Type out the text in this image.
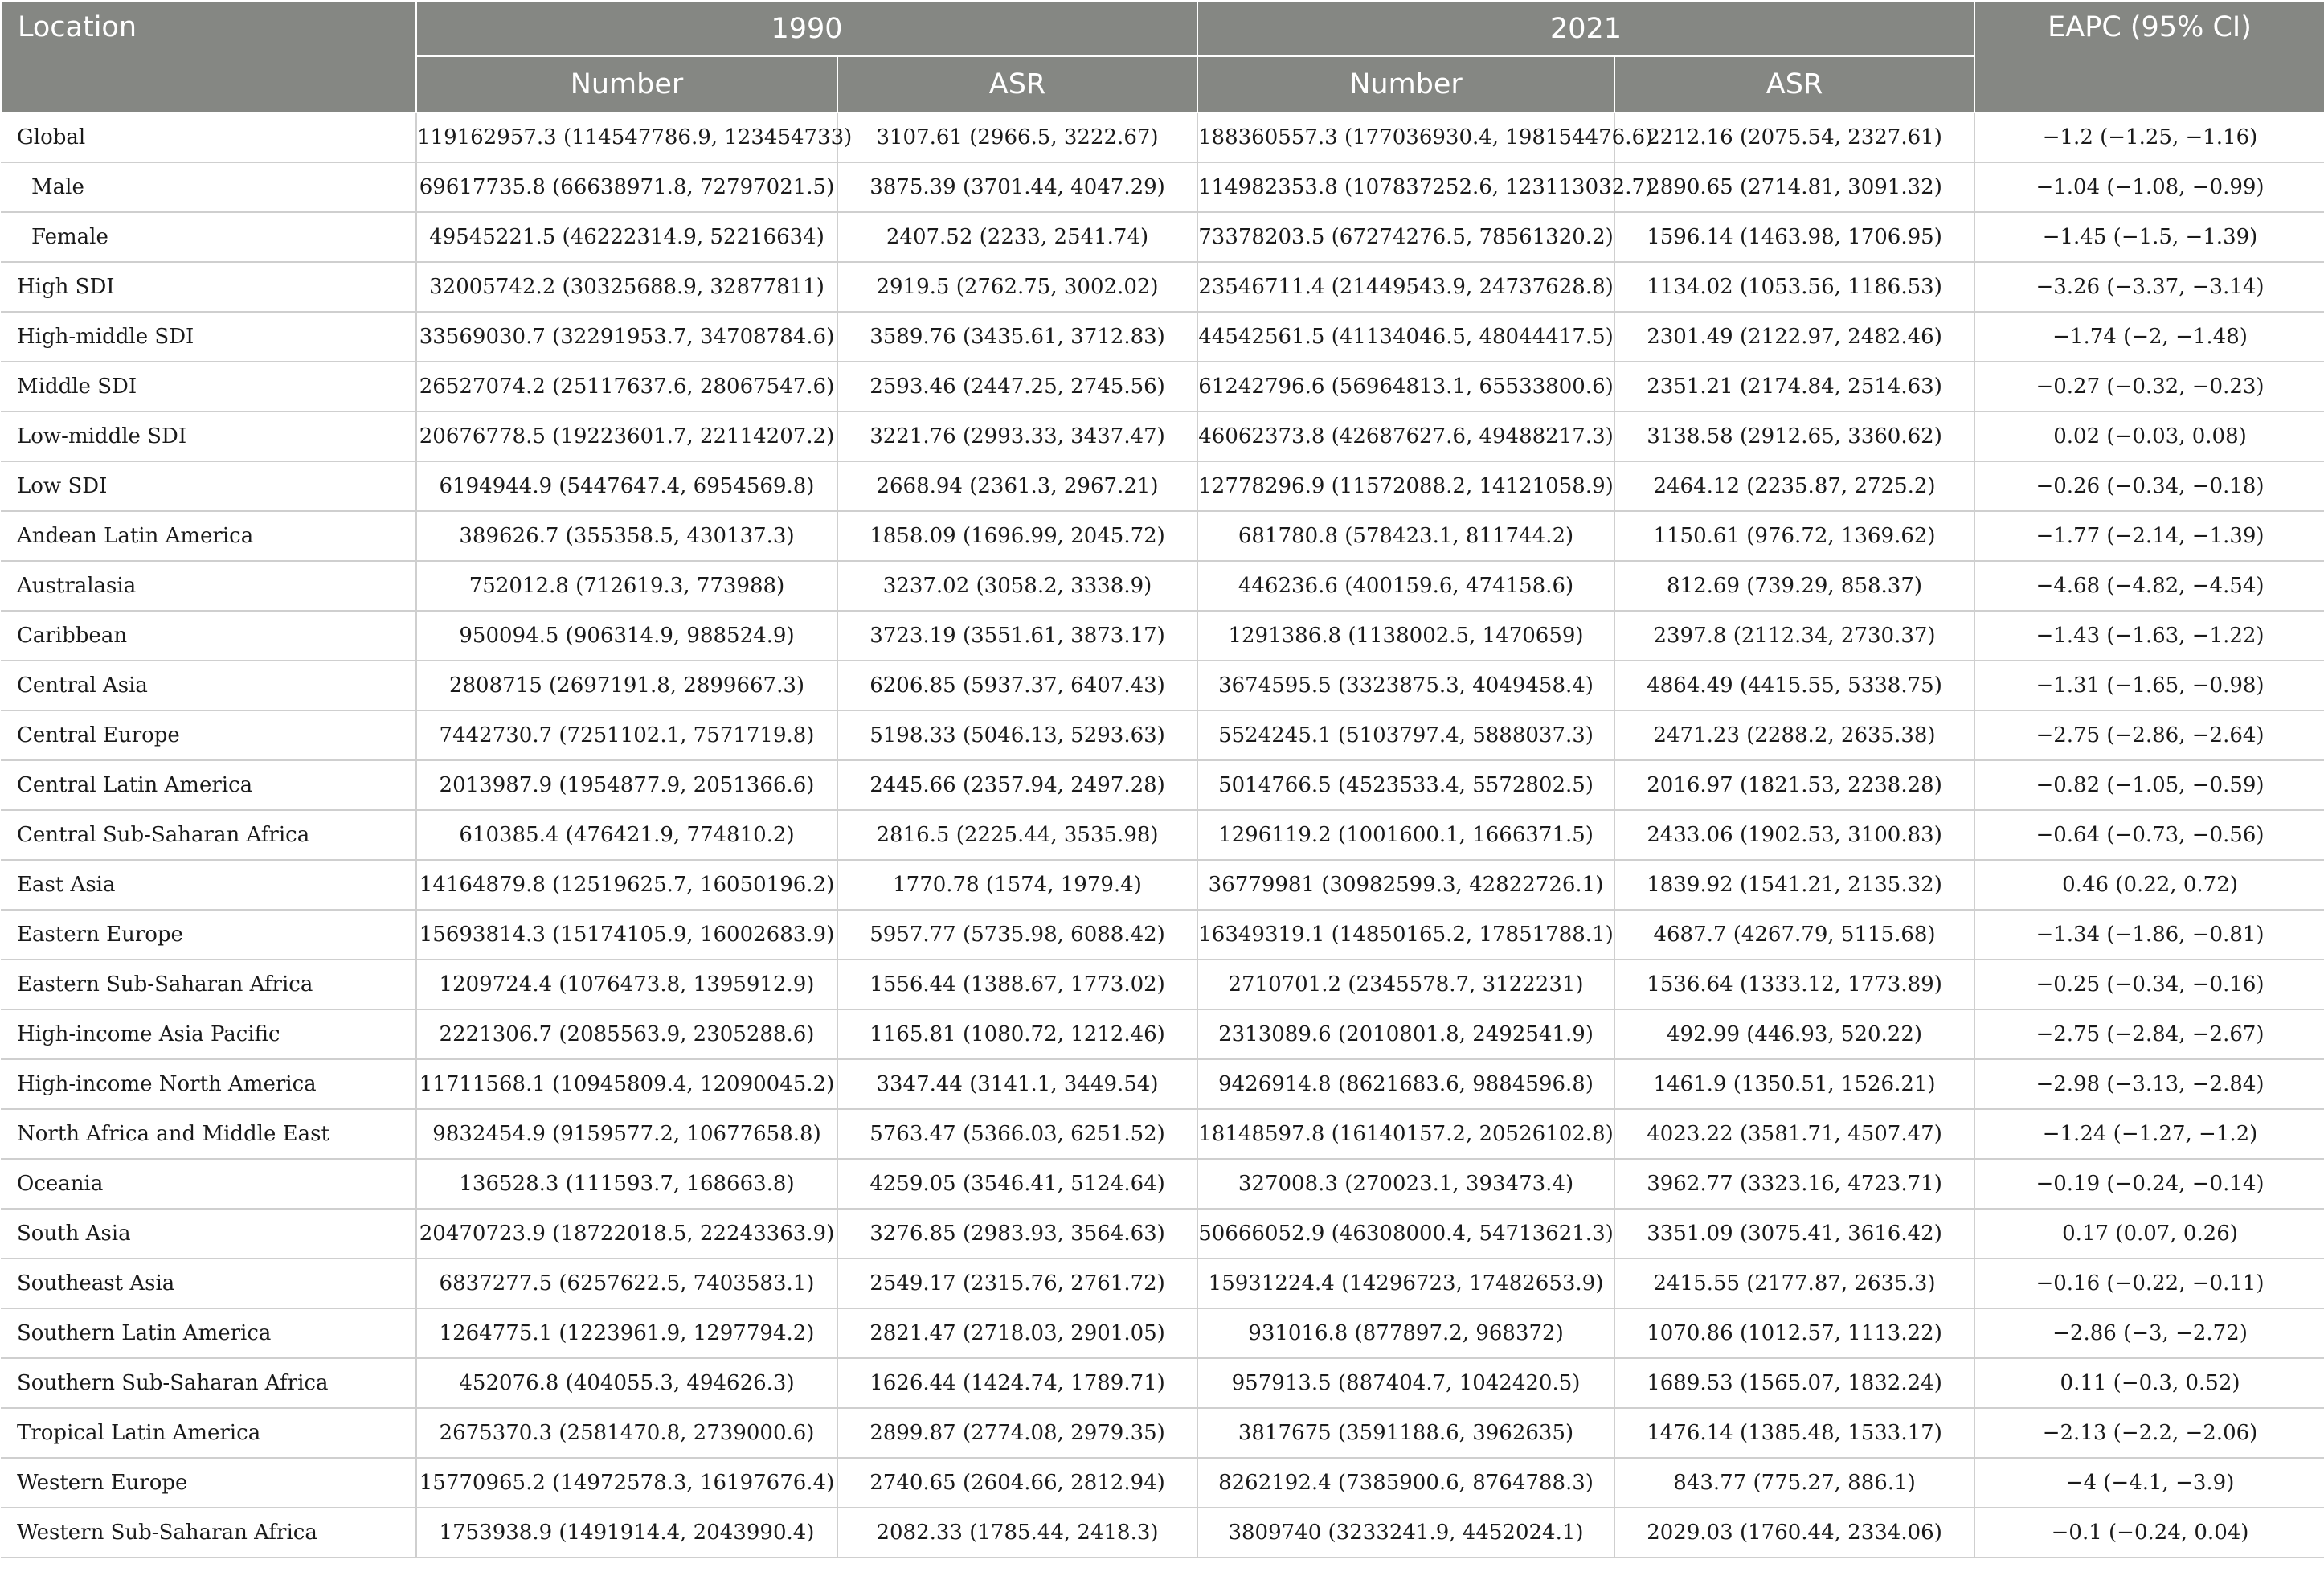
Location	1990		2021		EAPC (95% CI)
	Number	ASR	Number	ASR	
Global	119162957.3 (114547786.9, 123454733)	3107.61 (2966.5, 3222.67)	188360557.3 (177036930.4, 198154476.6)	2212.16 (2075.54, 2327.61)	−1.2 (−1.25, −1.16)
Male	69617735.8 (66638971.8, 72797021.5)	3875.39 (3701.44, 4047.29)	114982353.8 (107837252.6, 123113032.7)	2890.65 (2714.81, 3091.32)	−1.04 (−1.08, −0.99)
Female	49545221.5 (46222314.9, 52216634)	2407.52 (2233, 2541.74)	73378203.5 (67274276.5, 78561320.2)	1596.14 (1463.98, 1706.95)	−1.45 (−1.5, −1.39)
High SDI	32005742.2 (30325688.9, 32877811)	2919.5 (2762.75, 3002.02)	23546711.4 (21449543.9, 24737628.8)	1134.02 (1053.56, 1186.53)	−3.26 (−3.37, −3.14)
High-middle SDI	33569030.7 (32291953.7, 34708784.6)	3589.76 (3435.61, 3712.83)	44542561.5 (41134046.5, 48044417.5)	2301.49 (2122.97, 2482.46)	−1.74 (−2, −1.48)
Middle SDI	26527074.2 (25117637.6, 28067547.6)	2593.46 (2447.25, 2745.56)	61242796.6 (56964813.1, 65533800.6)	2351.21 (2174.84, 2514.63)	−0.27 (−0.32, −0.23)
Low-middle SDI	20676778.5 (19223601.7, 22114207.2)	3221.76 (2993.33, 3437.47)	46062373.8 (42687627.6, 49488217.3)	3138.58 (2912.65, 3360.62)	0.02 (−0.03, 0.08)
Low SDI	6194944.9 (5447647.4, 6954569.8)	2668.94 (2361.3, 2967.21)	12778296.9 (11572088.2, 14121058.9)	2464.12 (2235.87, 2725.2)	−0.26 (−0.34, −0.18)
Andean Latin America	389626.7 (355358.5, 430137.3)	1858.09 (1696.99, 2045.72)	681780.8 (578423.1, 811744.2)	1150.61 (976.72, 1369.62)	−1.77 (−2.14, −1.39)
Australasia	752012.8 (712619.3, 773988)	3237.02 (3058.2, 3338.9)	446236.6 (400159.6, 474158.6)	812.69 (739.29, 858.37)	−4.68 (−4.82, −4.54)
Caribbean	950094.5 (906314.9, 988524.9)	3723.19 (3551.61, 3873.17)	1291386.8 (1138002.5, 1470659)	2397.8 (2112.34, 2730.37)	−1.43 (−1.63, −1.22)
Central Asia	2808715 (2697191.8, 2899667.3)	6206.85 (5937.37, 6407.43)	3674595.5 (3323875.3, 4049458.4)	4864.49 (4415.55, 5338.75)	−1.31 (−1.65, −0.98)
Central Europe	7442730.7 (7251102.1, 7571719.8)	5198.33 (5046.13, 5293.63)	5524245.1 (5103797.4, 5888037.3)	2471.23 (2288.2, 2635.38)	−2.75 (−2.86, −2.64)
Central Latin America	2013987.9 (1954877.9, 2051366.6)	2445.66 (2357.94, 2497.28)	5014766.5 (4523533.4, 5572802.5)	2016.97 (1821.53, 2238.28)	−0.82 (−1.05, −0.59)
Central Sub-Saharan Africa	610385.4 (476421.9, 774810.2)	2816.5 (2225.44, 3535.98)	1296119.2 (1001600.1, 1666371.5)	2433.06 (1902.53, 3100.83)	−0.64 (−0.73, −0.56)
East Asia	14164879.8 (12519625.7, 16050196.2)	1770.78 (1574, 1979.4)	36779981 (30982599.3, 42822726.1)	1839.92 (1541.21, 2135.32)	0.46 (0.22, 0.72)
Eastern Europe	15693814.3 (15174105.9, 16002683.9)	5957.77 (5735.98, 6088.42)	16349319.1 (14850165.2, 17851788.1)	4687.7 (4267.79, 5115.68)	−1.34 (−1.86, −0.81)
Eastern Sub-Saharan Africa	1209724.4 (1076473.8, 1395912.9)	1556.44 (1388.67, 1773.02)	2710701.2 (2345578.7, 3122231)	1536.64 (1333.12, 1773.89)	−0.25 (−0.34, −0.16)
High-income Asia Pacific	2221306.7 (2085563.9, 2305288.6)	1165.81 (1080.72, 1212.46)	2313089.6 (2010801.8, 2492541.9)	492.99 (446.93, 520.22)	−2.75 (−2.84, −2.67)
High-income North America	11711568.1 (10945809.4, 12090045.2)	3347.44 (3141.1, 3449.54)	9426914.8 (8621683.6, 9884596.8)	1461.9 (1350.51, 1526.21)	−2.98 (−3.13, −2.84)
North Africa and Middle East	9832454.9 (9159577.2, 10677658.8)	5763.47 (5366.03, 6251.52)	18148597.8 (16140157.2, 20526102.8)	4023.22 (3581.71, 4507.47)	−1.24 (−1.27, −1.2)
Oceania	136528.3 (111593.7, 168663.8)	4259.05 (3546.41, 5124.64)	327008.3 (270023.1, 393473.4)	3962.77 (3323.16, 4723.71)	−0.19 (−0.24, −0.14)
South Asia	20470723.9 (18722018.5, 22243363.9)	3276.85 (2983.93, 3564.63)	50666052.9 (46308000.4, 54713621.3)	3351.09 (3075.41, 3616.42)	0.17 (0.07, 0.26)
Southeast Asia	6837277.5 (6257622.5, 7403583.1)	2549.17 (2315.76, 2761.72)	15931224.4 (14296723, 17482653.9)	2415.55 (2177.87, 2635.3)	−0.16 (−0.22, −0.11)
Southern Latin America	1264775.1 (1223961.9, 1297794.2)	2821.47 (2718.03, 2901.05)	931016.8 (877897.2, 968372)	1070.86 (1012.57, 1113.22)	−2.86 (−3, −2.72)
Southern Sub-Saharan Africa	452076.8 (404055.3, 494626.3)	1626.44 (1424.74, 1789.71)	957913.5 (887404.7, 1042420.5)	1689.53 (1565.07, 1832.24)	0.11 (−0.3, 0.52)
Tropical Latin America	2675370.3 (2581470.8, 2739000.6)	2899.87 (2774.08, 2979.35)	3817675 (3591188.6, 3962635)	1476.14 (1385.48, 1533.17)	−2.13 (−2.2, −2.06)
Western Europe	15770965.2 (14972578.3, 16197676.4)	2740.65 (2604.66, 2812.94)	8262192.4 (7385900.6, 8764788.3)	843.77 (775.27, 886.1)	−4 (−4.1, −3.9)
Western Sub-Saharan Africa	1753938.9 (1491914.4, 2043990.4)	2082.33 (1785.44, 2418.3)	3809740 (3233241.9, 4452024.1)	2029.03 (1760.44, 2334.06)	−0.1 (−0.24, 0.04)
